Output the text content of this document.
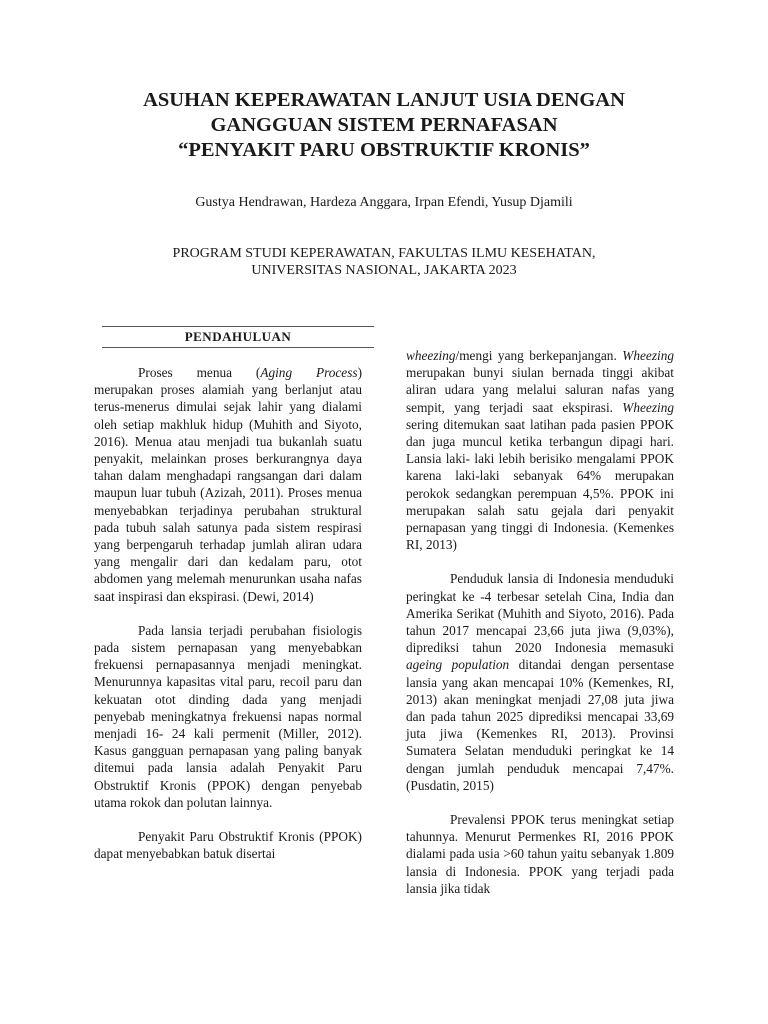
ASUHAN KEPERAWATAN LANJUT USIA DENGAN
GANGGUAN SISTEM PERNAFASAN
“PENYAKIT PARU OBSTRUKTIF KRONIS”
Gustya Hendrawan, Hardeza Anggara, Irpan Efendi, Yusup Djamili
PROGRAM STUDI KEPERAWATAN, FAKULTAS ILMU KESEHATAN,
UNIVERSITAS NASIONAL, JAKARTA 2023
PENDAHULUAN

Proses menua (Aging Process) merupakan proses alamiah yang berlanjut atau terus-menerus dimulai sejak lahir yang dialami oleh setiap makhluk hidup (Muhith and Siyoto, 2016). Menua atau menjadi tua bukanlah suatu penyakit, melainkan proses berkurangnya daya tahan dalam menghadapi rangsangan dari dalam maupun luar tubuh (Azizah, 2011). Proses menua menyebabkan terjadinya perubahan struktural pada tubuh salah satunya pada sistem respirasi yang berpengaruh terhadap jumlah aliran udara yang mengalir dari dan kedalam paru, otot abdomen yang melemah menurunkan usaha nafas saat inspirasi dan ekspirasi. (Dewi, 2014)

Pada lansia terjadi perubahan fisiologis pada sistem pernapasan yang menyebabkan frekuensi pernapasannya menjadi meningkat. Menurunnya kapasitas vital paru, recoil paru dan kekuatan otot dinding dada yang menjadi penyebab meningkatnya frekuensi napas normal menjadi 16- 24 kali permenit (Miller, 2012). Kasus gangguan pernapasan yang paling banyak ditemui pada lansia adalah Penyakit Paru Obstruktif Kronis (PPOK) dengan penyebab utama rokok dan polutan lainnya.

Penyakit Paru Obstruktif Kronis (PPOK) dapat menyebabkan batuk disertai

wheezing/mengi yang berkepanjangan. Wheezing merupakan bunyi siulan bernada tinggi akibat aliran udara yang melalui saluran nafas yang sempit, yang terjadi saat ekspirasi. Wheezing sering ditemukan saat latihan pada pasien PPOK dan juga muncul ketika terbangun dipagi hari. Lansia laki- laki lebih berisiko mengalami PPOK karena laki-laki sebanyak 64% merupakan perokok sedangkan perempuan 4,5%. PPOK ini merupakan salah satu gejala dari penyakit pernapasan yang tinggi di Indonesia. (Kemenkes RI, 2013)

Penduduk lansia di Indonesia menduduki peringkat ke -4 terbesar setelah Cina, India dan Amerika Serikat (Muhith and Siyoto, 2016). Pada tahun 2017 mencapai 23,66 juta jiwa (9,03%), diprediksi tahun 2020 Indonesia memasuki ageing population ditandai dengan persentase lansia yang akan mencapai 10% (Kemenkes, RI, 2013) akan meningkat menjadi 27,08 juta jiwa dan pada tahun 2025 diprediksi mencapai 33,69 juta jiwa (Kemenkes RI, 2013). Provinsi Sumatera Selatan menduduki peringkat ke 14 dengan jumlah penduduk mencapai 7,47%. (Pusdatin, 2015)

Prevalensi PPOK terus meningkat setiap tahunnya. Menurut Permenkes RI, 2016 PPOK dialami pada usia >60 tahun yaitu sebanyak 1.809 lansia di Indonesia. PPOK yang terjadi pada lansia jika tidak
